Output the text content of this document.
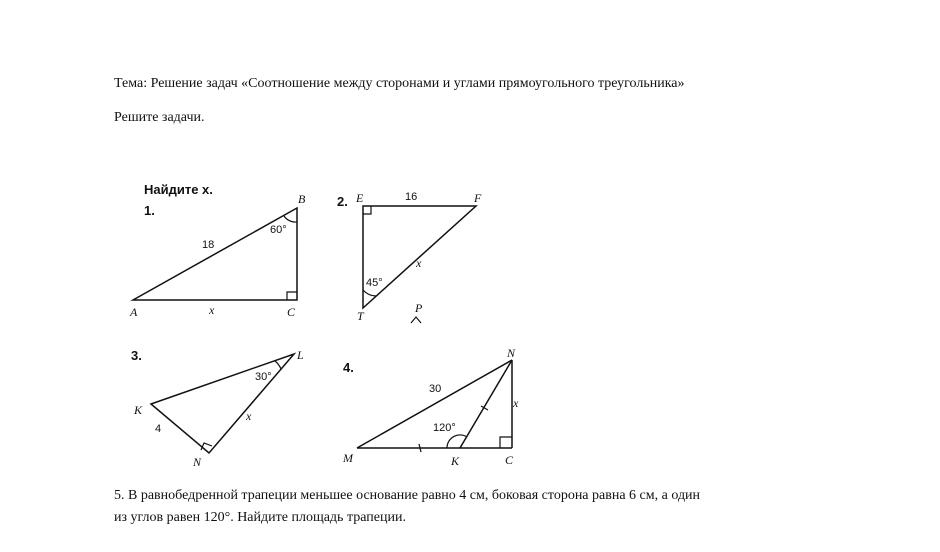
Тема: Решение задач «Соотношение между сторонами и углами прямоугольного треугольника»
Решите задачи.
Найдите x.
1.
A
B
C
18
60°
x
2. E	F
T
16
45°
x
P
3.
K
L
N
4
30°
x
4.
M
N
K	C
30
120°
x
5. В равнобедренной трапеции меньшее основание равно 4 см, боковая сторона равна 6 см, а один
из углов равен 120°. Найдите площадь трапеции.
